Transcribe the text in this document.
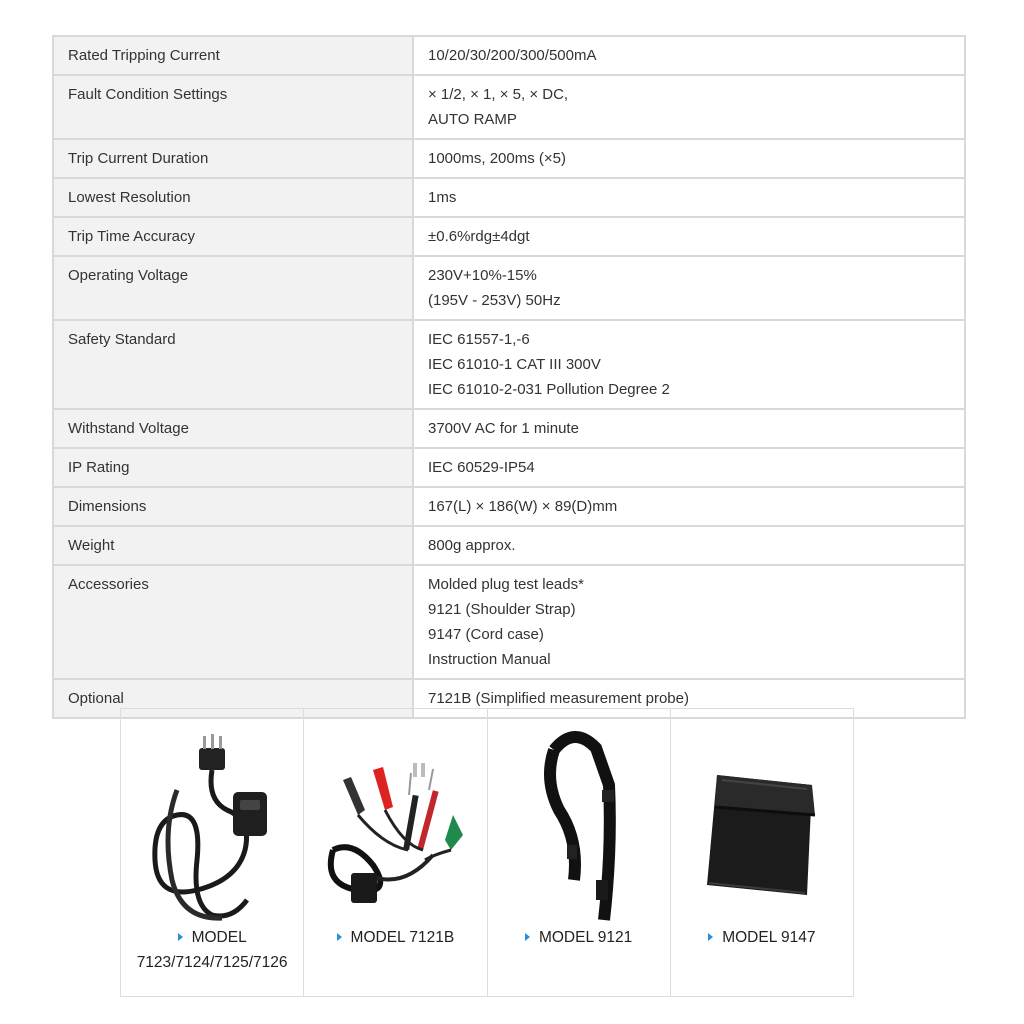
Rated Tripping Current	10/20/30/200/300/500mA

Fault Condition Settings	× 1/2, × 1, × 5, × DC,
AUTO RAMP

Trip Current Duration	1000ms, 200ms (×5)

Lowest Resolution	1ms

Trip Time Accuracy	±0.6%rdg±4dgt

Operating Voltage	230V+10%-15%
(195V - 253V) 50Hz

Safety Standard	IEC 61557-1,-6
IEC 61010-1 CAT III 300V
IEC 61010-2-031 Pollution Degree 2

Withstand Voltage	3700V AC for 1 minute

IP Rating	IEC 60529-IP54

Dimensions	167(L) × 186(W) × 89(D)mm

Weight	800g approx.

Accessories	Molded plug test leads*
9121 (Shoulder Strap)
9147 (Cord case)
Instruction Manual

Optional	7121B (Simplified measurement probe)
MODEL
7123/7124/7125/7126
MODEL 7121B	MODEL 9121	MODEL 9147
